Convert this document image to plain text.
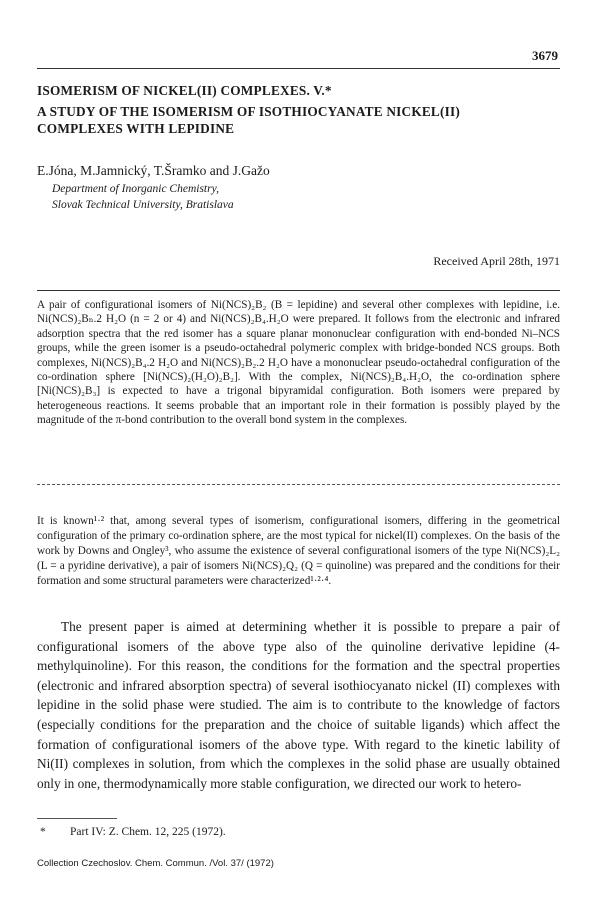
3679
ISOMERISM OF NICKEL(II) COMPLEXES. V.*
A STUDY OF THE ISOMERISM OF ISOTHIOCYANATE NICKEL(II)
COMPLEXES WITH LEPIDINE
E.Jóna, M.Jamnický, T.Šramko and J.Gažo
Department of Inorganic Chemistry,
Slovak Technical University, Bratislava
Received April 28th, 1971
A pair of configurational isomers of Ni(NCS)₂B₂ (B = lepidine) and several other complexes with lepidine, i.e. Ni(NCS)₂Bₙ.2 H₂O (n = 2 or 4) and Ni(NCS)₂B₄.H₂O were prepared. It follows from the electronic and infrared adsorption spectra that the red isomer has a square planar mononuclear configuration with end-bonded Ni–NCS groups, while the green isomer is a pseudo-octahedral polymeric complex with bridge-bonded NCS groups. Both complexes, Ni(NCS)₂B₄.2 H₂O and Ni(NCS)₂B₂.2 H₂O have a mononuclear pseudo-octahedral configuration of the co-ordination sphere [Ni(NCS)₂(H₂O)₂B₂]. With the complex, Ni(NCS)₂B₄.H₂O, the co-ordination sphere [Ni(NCS)₂B₃] is expected to have a trigonal bipyramidal configuration. Both isomers were prepared by heterogeneous reactions. It seems probable that an important role in their formation is possibly played by the magnitude of the π-bond contribution to the overall bond system in the complexes.
It is known¹·² that, among several types of isomerism, configurational isomers, differing in the geometrical configuration of the primary co-ordination sphere, are the most typical for nickel(II) complexes. On the basis of the work by Downs and Ongley³, who assume the existence of several configurational isomers of the type Ni(NCS)₂L₂ (L = a pyridine derivative), a pair of isomers Ni(NCS)₂Q₂ (Q = quinoline) was prepared and the conditions for their formation and some structural parameters were characterized¹·²·⁴.
The present paper is aimed at determining whether it is possible to prepare a pair of configurational isomers of the above type also of the quinoline derivative lepidine (4-methylquinoline). For this reason, the conditions for the formation and the spectral properties (electronic and infrared absorption spectra) of several isothiocyanato nickel (II) complexes with lepidine in the solid phase were studied. The aim is to contribute to the knowledge of factors (especially conditions for the preparation and the choice of suitable ligands) which affect the formation of configurational isomers of the above type. With regard to the kinetic lability of Ni(II) complexes in solution, from which the complexes in the solid phase are usually obtained only in one, thermodynamically more stable configuration, we directed our work to hetero-
* Part IV: Z. Chem. 12, 225 (1972).
Collection Czechoslov. Chem. Commun. /Vol. 37/ (1972)
